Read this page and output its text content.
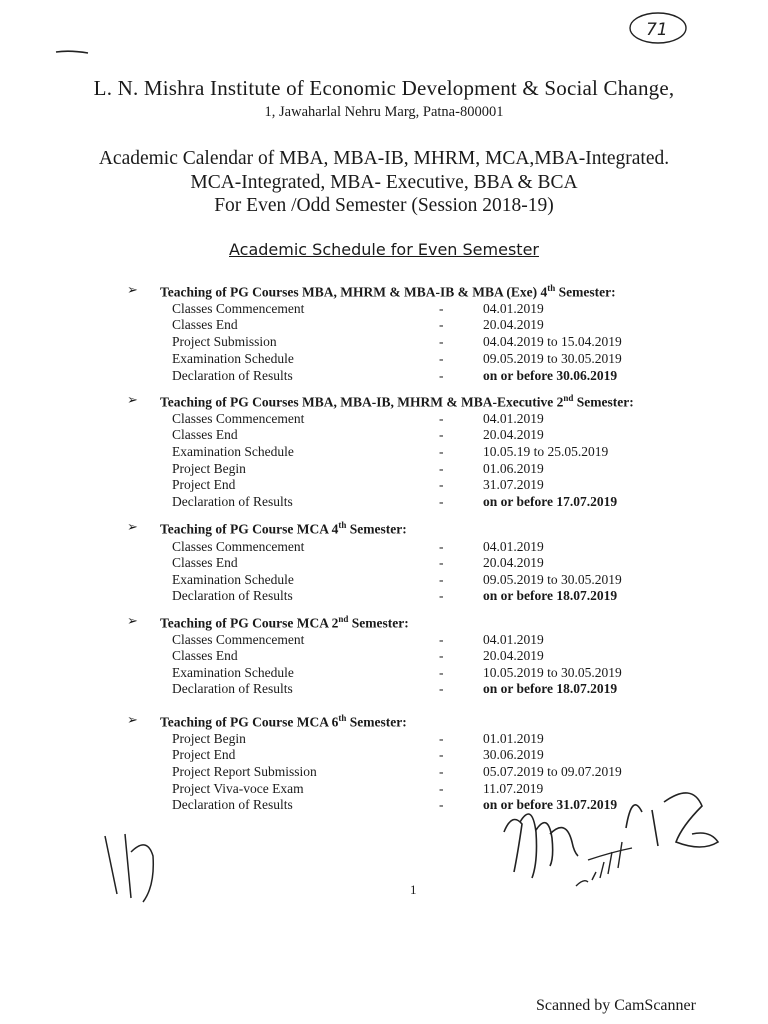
71
L. N. Mishra Institute of Economic Development & Social Change,
1, Jawaharlal Nehru Marg, Patna-800001
Academic Calendar of MBA, MBA-IB, MHRM, MCA,MBA-Integrated.
MCA-Integrated, MBA- Executive, BBA & BCA
For Even /Odd Semester (Session 2018-19)
Academic Schedule for Even Semester
➢ Teaching of PG Courses MBA, MHRM & MBA-IB & MBA (Exe) 4th Semester:
Classes Commencement	-	04.01.2019
Classes End	-	20.04.2019
Project Submission	-	04.04.2019 to 15.04.2019
Examination Schedule	-	09.05.2019 to 30.05.2019
Declaration of Results	-	on or before 30.06.2019
➢ Teaching of PG Courses MBA, MBA-IB, MHRM & MBA-Executive 2nd Semester:
Classes Commencement	-	04.01.2019
Classes End	-	20.04.2019
Examination Schedule	-	10.05.19 to 25.05.2019
Project Begin	-	01.06.2019
Project End	-	31.07.2019
Declaration of Results	-	on or before 17.07.2019
➢ Teaching of PG Course MCA 4th Semester:
Classes Commencement	-	04.01.2019
Classes End	-	20.04.2019
Examination Schedule	-	09.05.2019 to 30.05.2019
Declaration of Results	-	on or before 18.07.2019
➢ Teaching of PG Course MCA 2nd Semester:
Classes Commencement	-	04.01.2019
Classes End	-	20.04.2019
Examination Schedule	-	10.05.2019 to 30.05.2019
Declaration of Results	-	on or before 18.07.2019
➢ Teaching of PG Course MCA 6th Semester:
Project Begin	-	01.01.2019
Project End	-	30.06.2019
Project Report Submission	-	05.07.2019 to 09.07.2019
Project Viva-voce Exam	-	11.07.2019
Declaration of Results	-	on or before 31.07.2019
1
Scanned by CamScanner
